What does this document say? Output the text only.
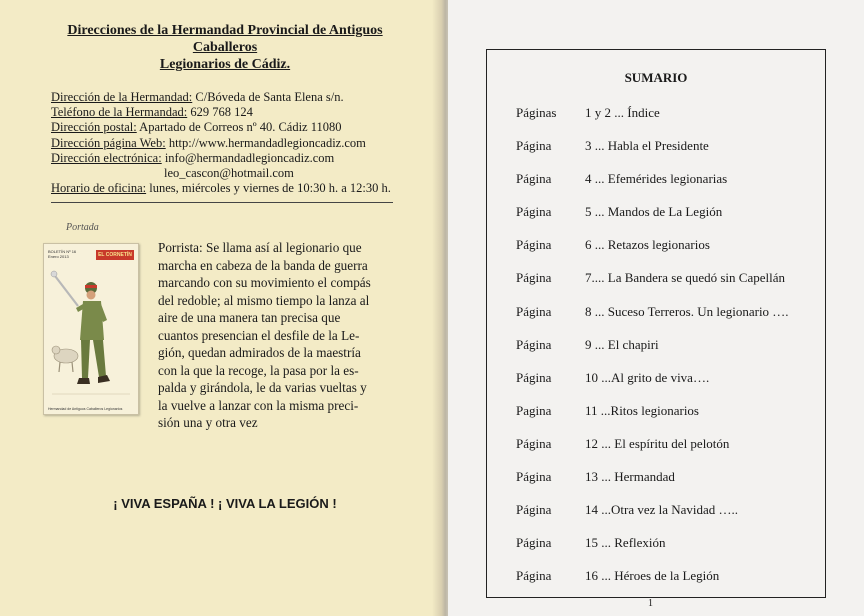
Direcciones de la Hermandad Provincial de Antiguos
Caballeros
Legionarios de Cádiz.
Dirección de la Hermandad: C/Bóveda de Santa Elena s/n.
Teléfono de la Hermandad: 629 768 124
Dirección postal: Apartado de Correos nº 40. Cádiz 11080
Dirección página Web: http://www.hermandadlegioncadiz.com
Dirección electrónica: info@hermandadlegioncadiz.com
leo_cascon@hotmail.com
Horario de oficina: lunes, miércoles y viernes de 10:30 h. a 12:30 h.
Portada
BOLETÍN Nº 16
Enero 2013	EL CORNETÍN
Hermandad de Antiguos Caballeros Legionarios
Porrista: Se llama así al legionario que
marcha en cabeza de la banda de guerra
marcando con su movimiento el compás
del redoble; al mismo tiempo la lanza al
aire de una manera tan precisa que
cuantos presencian el desfile de la Le-
gión, quedan admirados de la maestría
con la que la recoge, la pasa por la es-
palda y girándola, le da varias vueltas y
la vuelve a lanzar con la misma preci-
sión una y otra vez
¡ VIVA ESPAÑA ! ¡ VIVA LA LEGIÓN !
SUMARIO
Páginas 1 y 2 ... Índice
Página	3 ... Habla el Presidente
Página	4 ... Efemérides legionarias
Página	5 ... Mandos de La Legión
Página	6 ... Retazos legionarios
Página	7.... La Bandera se quedó sin Capellán
Página	8 ... Suceso Terreros. Un legionario ….
Página	9 ... El chapiri
Página	10 ...Al grito de viva….
Pagina	11 ...Ritos legionarios
Página	12 ... El espíritu del pelotón
Página	13 ... Hermandad
Página	14 ...Otra vez la Navidad …..
Página	15 ... Reflexión
Página	16 ... Héroes de la Legión
1
